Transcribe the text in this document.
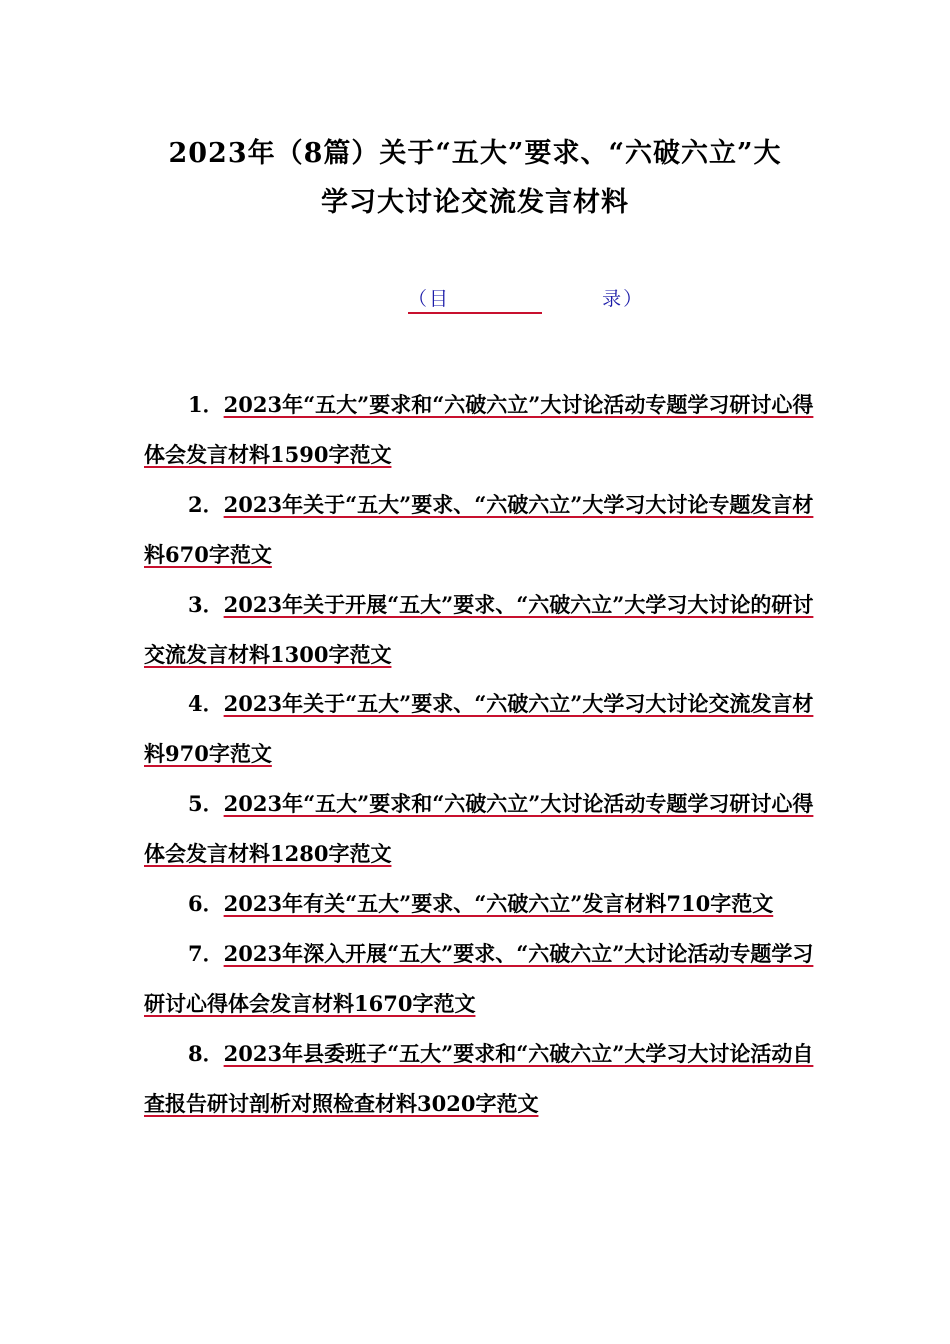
2023年（8篇）关于“五大”要求、“六破六立”大
学习大讨论交流发言材料
（目    录）
1．2023年“五大”要求和“六破六立”大讨论活动专题学习研讨心得体会发言材料1590字范文
2．2023年关于“五大”要求、“六破六立”大学习大讨论专题发言材料670字范文
3．2023年关于开展“五大”要求、“六破六立”大学习大讨论的研讨交流发言材料1300字范文
4．2023年关于“五大”要求、“六破六立”大学习大讨论交流发言材料970字范文
5．2023年“五大”要求和“六破六立”大讨论活动专题学习研讨心得体会发言材料1280字范文
6．2023年有关“五大”要求、“六破六立”发言材料710字范文
7．2023年深入开展“五大”要求、“六破六立”大讨论活动专题学习研讨心得体会发言材料1670字范文
8．2023年县委班子“五大”要求和“六破六立”大学习大讨论活动自查报告研讨剖析对照检查材料3020字范文
